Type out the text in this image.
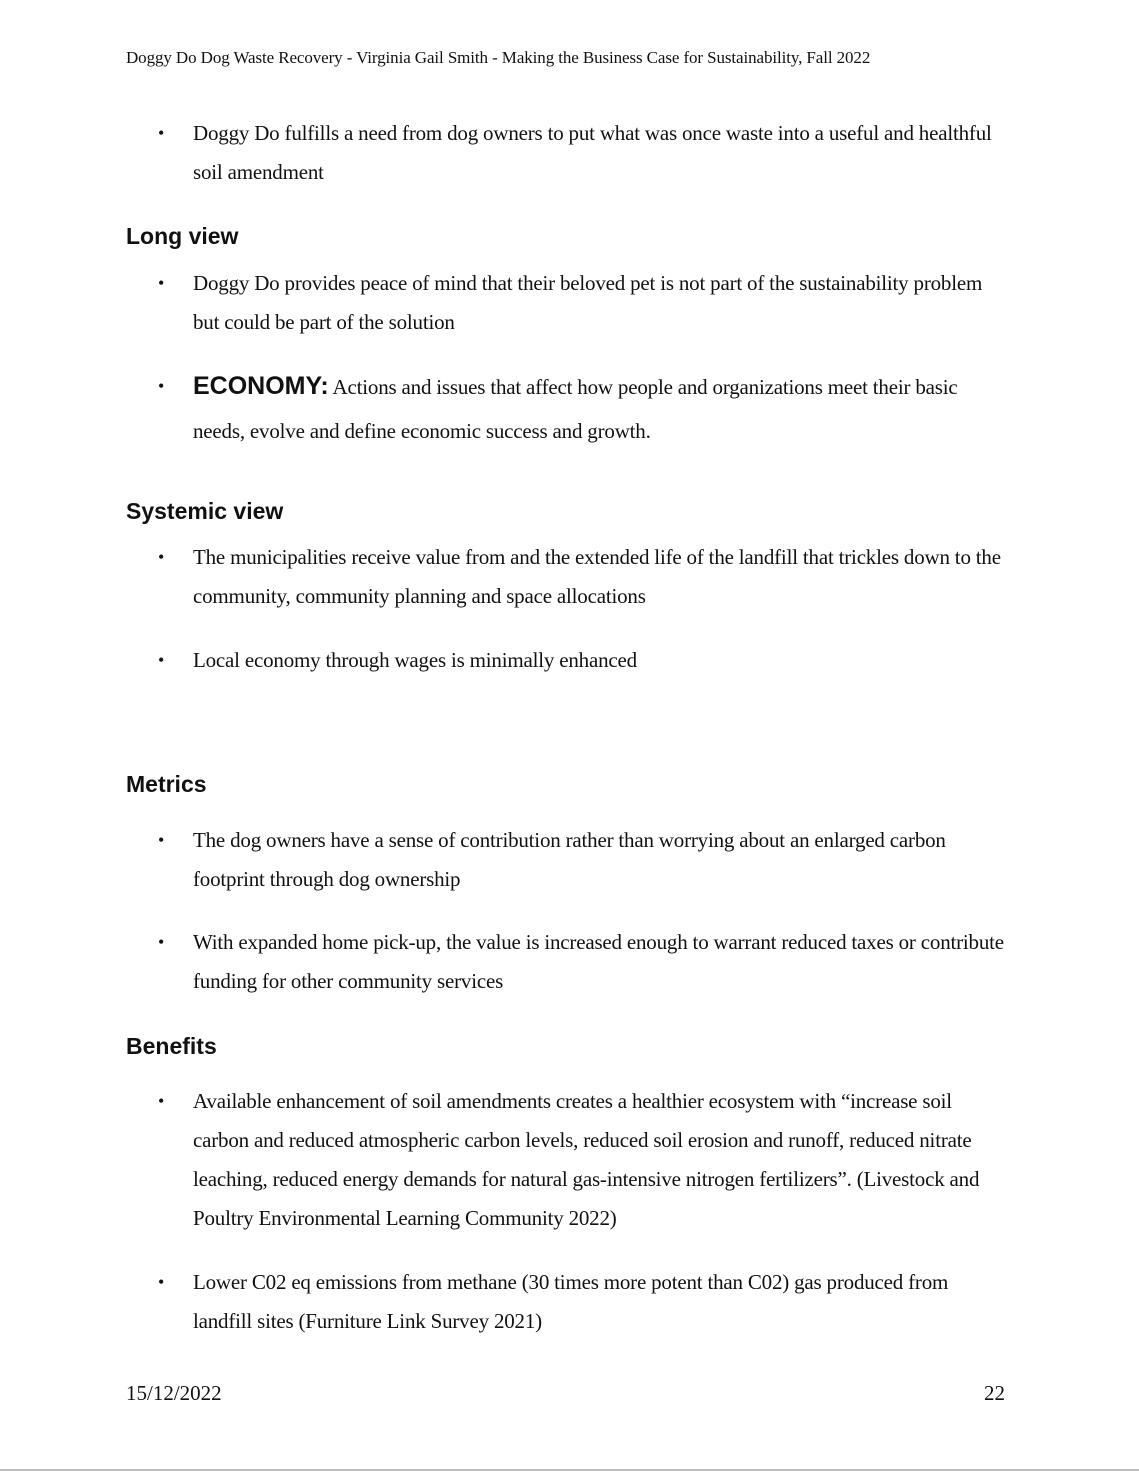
Doggy Do Dog Waste Recovery - Virginia Gail Smith - Making the Business Case for Sustainability, Fall 2022
• Doggy Do fulfills a need from dog owners to put what was once waste into a useful and healthful soil amendment
Long view
• Doggy Do provides peace of mind that their beloved pet is not part of the sustainability problem but could be part of the solution
• ECONOMY: Actions and issues that affect how people and organizations meet their basic needs, evolve and define economic success and growth.
Systemic view
• The municipalities receive value from and the extended life of the landfill that trickles down to the community, community planning and space allocations
• Local economy through wages is minimally enhanced
Metrics
• The dog owners have a sense of contribution rather than worrying about an enlarged carbon footprint through dog ownership
• With expanded home pick-up, the value is increased enough to warrant reduced taxes or contribute funding for other community services
Benefits
• Available enhancement of soil amendments creates a healthier ecosystem with “increase soil carbon and reduced atmospheric carbon levels, reduced soil erosion and runoff, reduced nitrate leaching, reduced energy demands for natural gas-intensive nitrogen fertilizers”. (Livestock and Poultry Environmental Learning Community 2022)
• Lower C02 eq emissions from methane (30 times more potent than C02) gas produced from landfill sites (Furniture Link Survey 2021)
15/12/2022	22
